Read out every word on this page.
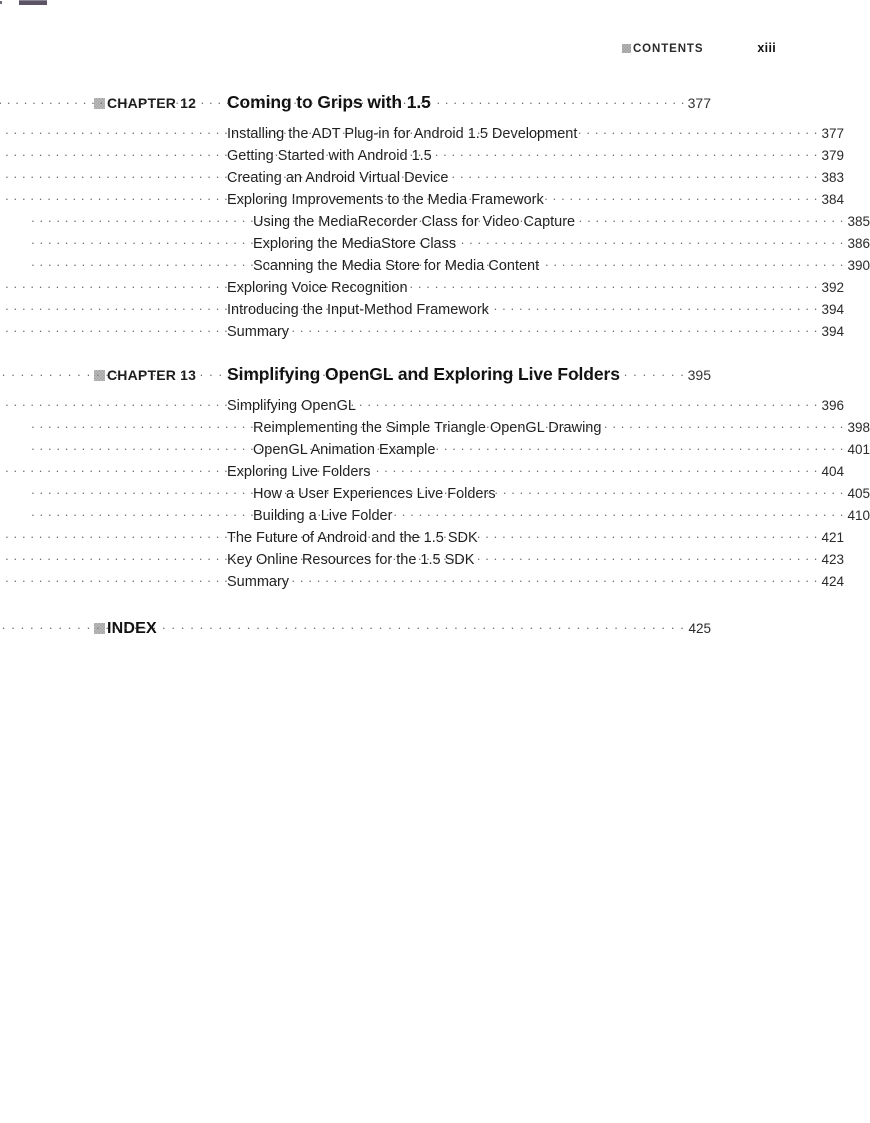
CONTENTS	xiii
CHAPTER 12 Coming to Grips with 1.5 . . .	377
Installing the ADT Plug-in for Android 1.5 Development . . .	377
Getting Started with Android 1.5 . . .	379
Creating an Android Virtual Device . . .	383
Exploring Improvements to the Media Framework . . .	384
Using the MediaRecorder Class for Video Capture . . .	385
Exploring the MediaStore Class . . .	386
Scanning the Media Store for Media Content . . .	390
Exploring Voice Recognition . . .	392
Introducing the Input-Method Framework . . .	394
Summary . . .	394
CHAPTER 13 Simplifying OpenGL and Exploring Live Folders . . .	395
Simplifying OpenGL . . .	396
Reimplementing the Simple Triangle OpenGL Drawing . . .	398
OpenGL Animation Example . . .	401
Exploring Live Folders . . .	404
How a User Experiences Live Folders . . .	405
Building a Live Folder . . .	410
The Future of Android and the 1.5 SDK . . .	421
Key Online Resources for the 1.5 SDK . . .	423
Summary . . .	424
INDEX . . .	425
